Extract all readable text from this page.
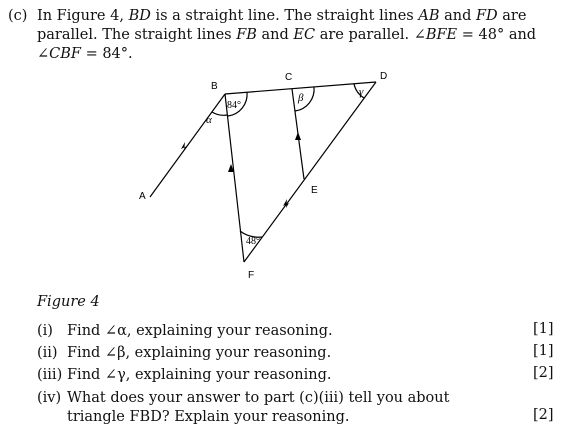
(c) In Figure 4, BD is a straight line. The straight lines AB and FD are
parallel. The straight lines FB and EC are parallel. ∠BFE = 48° and
∠CBF = 84°.
A
B
C	D
E
F
84°
48°
α
β	γ
Figure 4
(i) Find ∠α, explaining your reasoning.	[1]
(ii) Find ∠β, explaining your reasoning.	[1]
(iii) Find ∠γ, explaining your reasoning.	[2]
(iv) What does your answer to part (c)(iii) tell you about
triangle FBD? Explain your reasoning.	[2]
